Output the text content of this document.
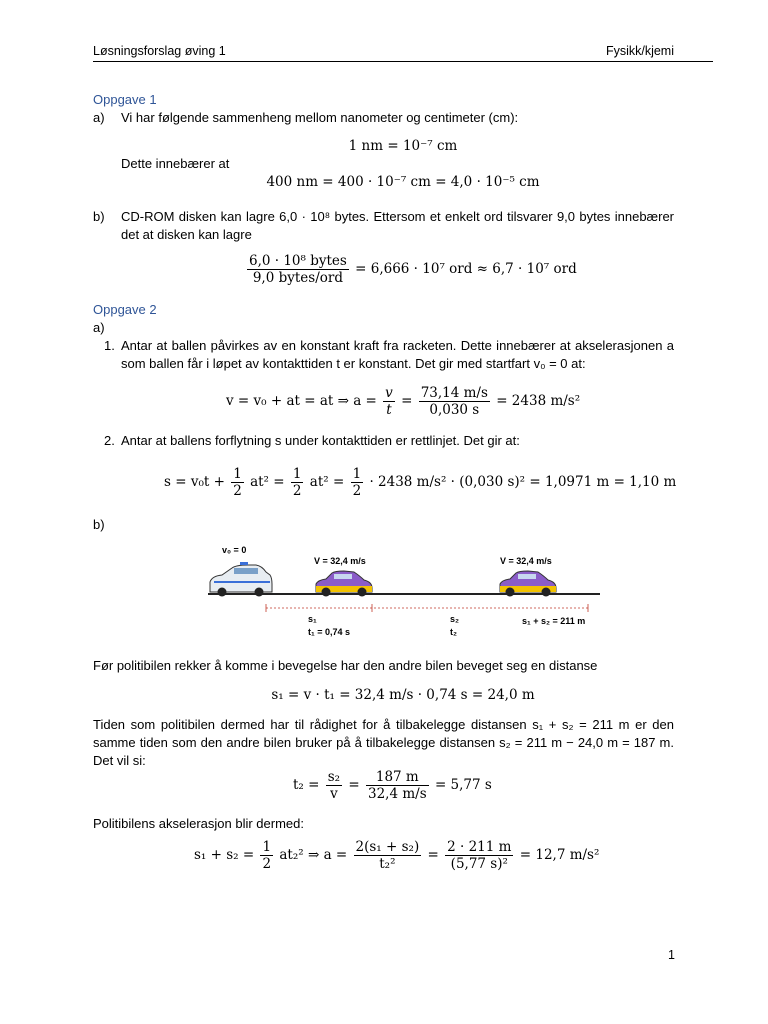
Løsningsforslag øving 1	Fysikk/kjemi
Oppgave 1
a) Vi har følgende sammenheng mellom nanometer og centimeter (cm):
1 nm = 10⁻⁷ cm
Dette innebærer at
400 nm = 400 · 10⁻⁷ cm = 4,0 · 10⁻⁵ cm
b) CD-ROM disken kan lagre 6,0 · 10⁸ bytes. Ettersom et enkelt ord tilsvarer 9,0 bytes innebærer det at disken kan lagre
$\frac{\text{6,0 · 10⁸ bytes}}{\text{9,0 bytes/ord}} = 6,666 \cdot 10^7$ ord ≈ 6,7 · 10⁷ ord
Oppgave 2
a)
1. Antar at ballen påvirkes av en konstant kraft fra racketen. Dette innebærer at akselerasjonen a som ballen får i løpet av kontakttiden t er konstant. Det gir med startfart v₀ = 0 at:
v = v₀ + at = at ⇒ $a = \frac{v}{t} = \frac{73,14 m/s}{0,030 s} = 2438$ m/s²
2. Antar at ballens forflytning s under kontakttiden er rettlinjet. Det gir at:
$s = v_0t + \frac{1}{2} at^2 = \frac{1}{2} at^2 = \frac{1}{2} \cdot 2438$ m/s² · (0,030 s)² = 1,0971 m = 1,10 m
b)
v₀ = 0
V = 32,4 m/s	V = 32,4 m/s
s₁
t₁ = 0,74 s
s₂
t₂
s₁ + s₂ = 211 m
Før politibilen rekker å komme i bevegelse har den andre bilen beveget seg en distanse
s₁ = v · t₁ = 32,4 m/s · 0,74 s = 24,0 m
Tiden som politibilen dermed har til rådighet for å tilbakelegge distansen s₁ + s₂ = 211 m er den samme tiden som den andre bilen bruker på å tilbakelegge distansen s₂ = 211 m − 24,0 m = 187 m. Det vil si:
$t_2 = \frac{\text{s₂}}{v} = \frac{187 m}{32,4 m/s} = 5,77$ s
Politibilens akselerasjon blir dermed:
$s_1 + s_2 = \frac{1}{2} at_2^2$ ⇒ $a = \frac{\text{2(s₁ + s₂)}}{\text{t₂²}} = \frac{2 \cdot 211 m}{\text{(5,77 s)²}} = 12,7$ m/s²
1
